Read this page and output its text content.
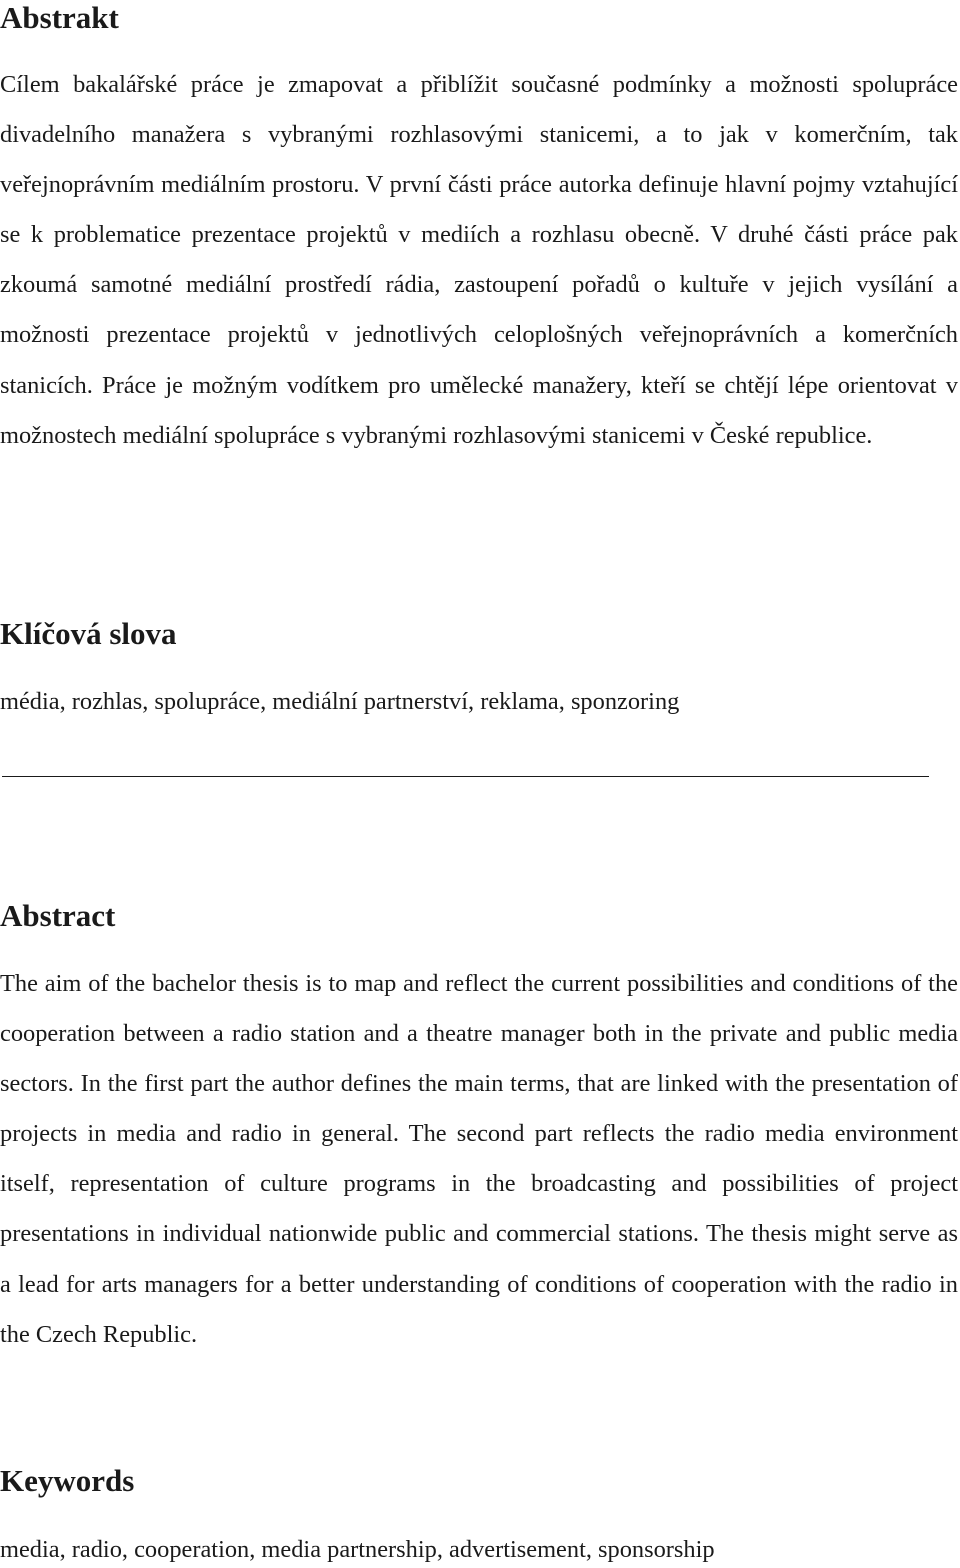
Abstrakt

Cílem bakalářské práce je zmapovat a přiblížit současné podmínky a možnosti spolupráce divadelního manažera s vybranými rozhlasovými stanicemi, a to jak v komerčním, tak veřejnoprávním mediálním prostoru. V první části práce autorka definuje hlavní pojmy vztahující se k problematice prezentace projektů v mediích a rozhlasu obecně. V druhé části práce pak zkoumá samotné mediální prostředí rádia, zastoupení pořadů o kultuře v jejich vysílání a možnosti prezentace projektů v jednotlivých celoplošných veřejnoprávních a komerčních stanicích. Práce je možným vodítkem pro umělecké manažery, kteří se chtějí lépe orientovat v možnostech mediální spolupráce s vybranými rozhlasovými stanicemi v České republice.

Klíčová slova

média, rozhlas, spolupráce, mediální partnerství, reklama, sponzoring

Abstract

The aim of the bachelor thesis is to map and reflect the current possibilities and conditions of the cooperation between a radio station and a theatre manager both in the private and public media sectors. In the first part the author defines the main terms, that are linked with the presentation of projects in media and radio in general. The second part reflects the radio media environment itself, representation of culture programs in the broadcasting and possibilities of project presentations in individual nationwide public and commercial stations. The thesis might serve as a lead for arts managers for a better understanding of conditions of cooperation with the radio in the Czech Republic.

Keywords

media, radio, cooperation, media partnership, advertisement, sponsorship
